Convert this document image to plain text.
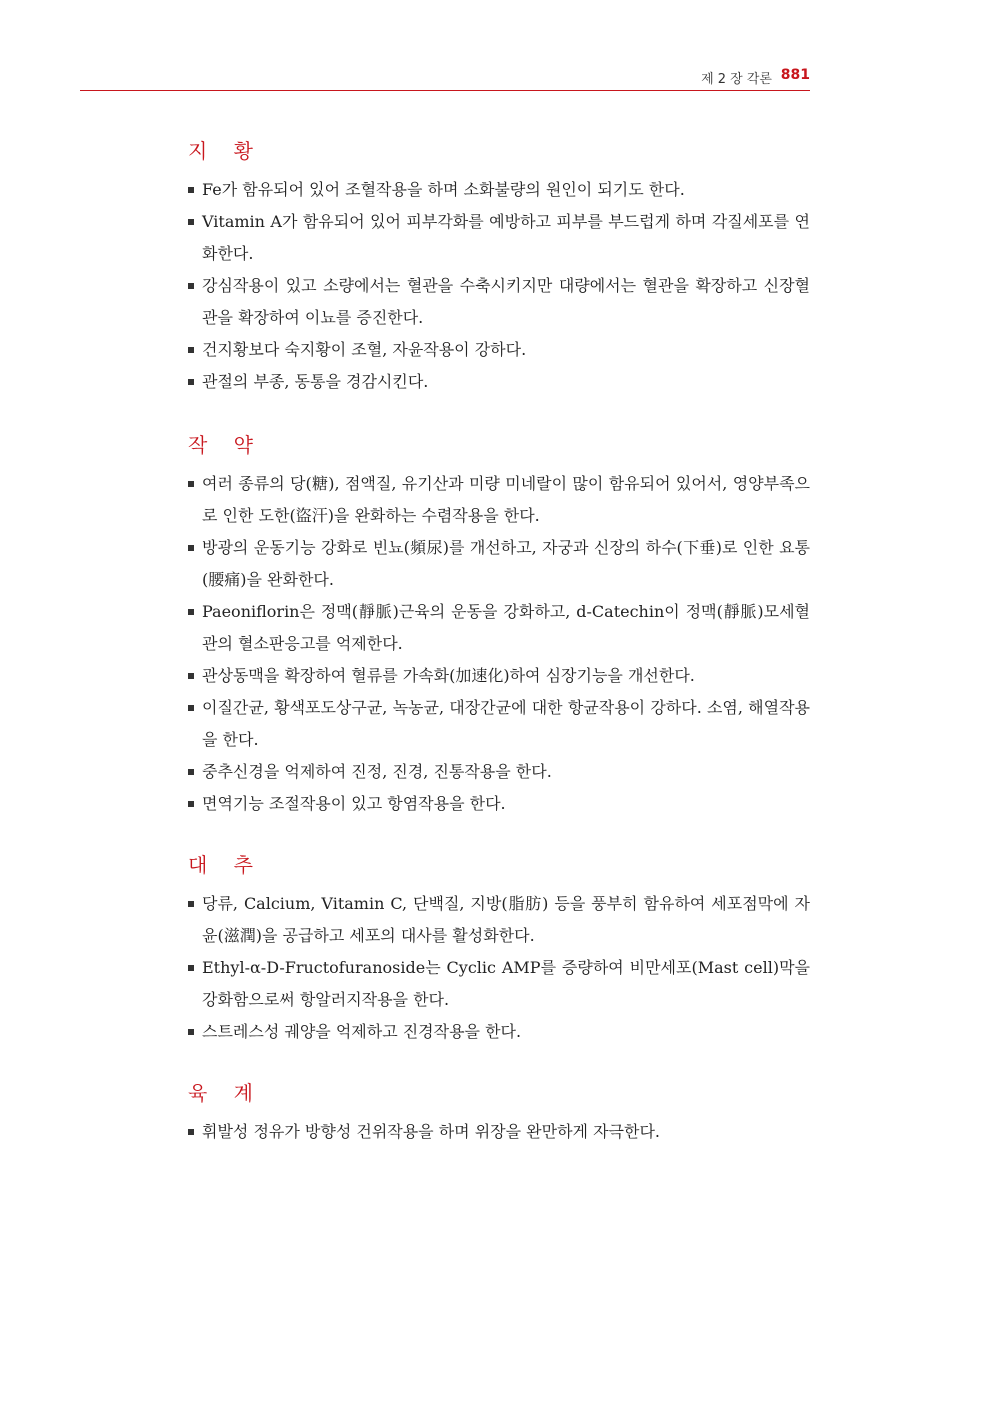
제 2 장 각론 881
지 황
Fe가 함유되어 있어 조혈작용을 하며 소화불량의 원인이 되기도 한다.
Vitamin A가 함유되어 있어 피부각화를 예방하고 피부를 부드럽게 하며 각질세포를 연화한다.
강심작용이 있고 소량에서는 혈관을 수축시키지만 대량에서는 혈관을 확장하고 신장혈관을 확장하여 이뇨를 증진한다.
건지황보다 숙지황이 조혈, 자윤작용이 강하다.
관절의 부종, 동통을 경감시킨다.
작 약
여러 종류의 당(糖), 점액질, 유기산과 미량 미네랄이 많이 함유되어 있어서, 영양부족으로 인한 도한(盜汗)을 완화하는 수렴작용을 한다.
방광의 운동기능 강화로 빈뇨(頻尿)를 개선하고, 자궁과 신장의 하수(下垂)로 인한 요통(腰痛)을 완화한다.
Paeoniflorin은 정맥(靜脈)근육의 운동을 강화하고, d-Catechin이 정맥(靜脈)모세혈관의 혈소판응고를 억제한다.
관상동맥을 확장하여 혈류를 가속화(加速化)하여 심장기능을 개선한다.
이질간균, 황색포도상구균, 녹농균, 대장간균에 대한 항균작용이 강하다. 소염, 해열작용을 한다.
중추신경을 억제하여 진정, 진경, 진통작용을 한다.
면역기능 조절작용이 있고 항염작용을 한다.
대 추
당류, Calcium, Vitamin C, 단백질, 지방(脂肪) 등을 풍부히 함유하여 세포점막에 자윤(滋潤)을 공급하고 세포의 대사를 활성화한다.
Ethyl-α-D-Fructofuranoside는 Cyclic AMP를 증량하여 비만세포(Mast cell)막을 강화함으로써 항알러지작용을 한다.
스트레스성 궤양을 억제하고 진경작용을 한다.
육 계
휘발성 정유가 방향성 건위작용을 하며 위장을 완만하게 자극한다.
